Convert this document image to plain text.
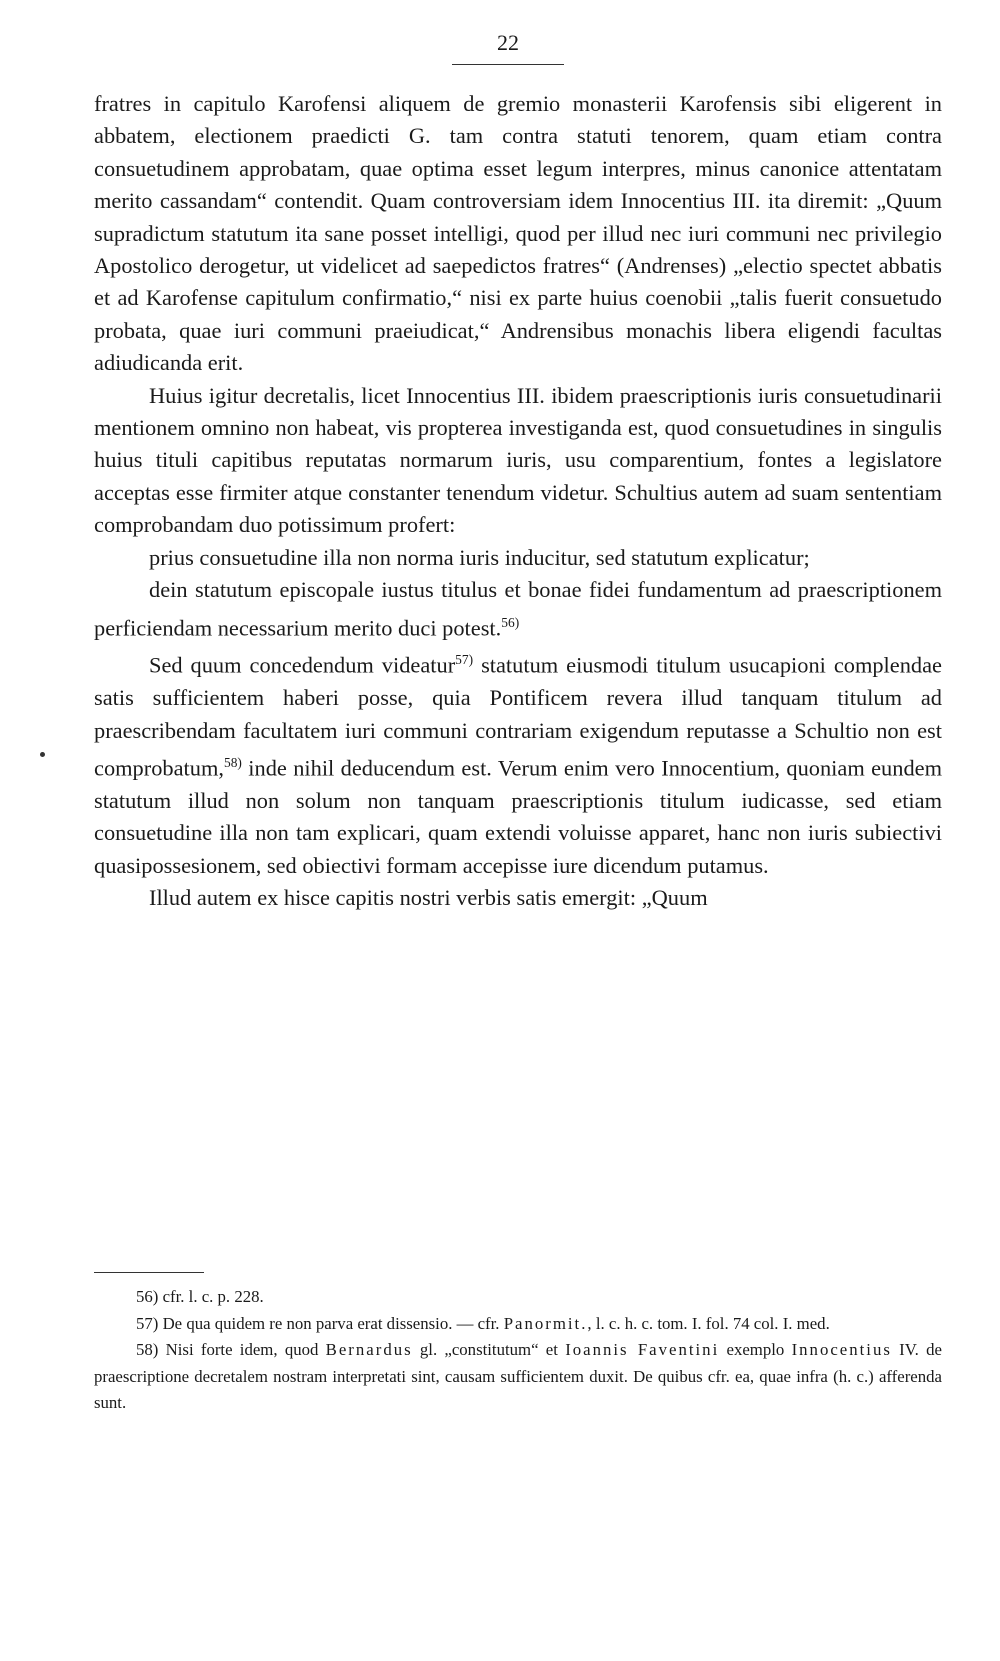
22

fratres in capitulo Karofensi aliquem de gremio monasterii Karofensis sibi eligerent in abbatem, electionem praedicti G. tam contra statuti tenorem, quam etiam contra consuetudinem approbatam, quae optima esset legum interpres, minus canonice attentatam merito cassandam“ contendit. Quam controversiam idem Innocentius III. ita diremit: „Quum supradictum statutum ita sane posset intelligi, quod per illud nec iuri communi nec privilegio Apostolico derogetur, ut videlicet ad saepedictos fratres“ (Andrenses) „electio spectet abbatis et ad Karofense capitulum confirmatio,“ nisi ex parte huius coenobii „talis fuerit consuetudo probata, quae iuri communi praeiudicat,“ Andrensibus monachis libera eligendi facultas adiudicanda erit.

Huius igitur decretalis, licet Innocentius III. ibidem praescriptionis iuris consuetudinarii mentionem omnino non habeat, vis propterea investiganda est, quod consuetudines in singulis huius tituli capitibus reputatas normarum iuris, usu comparentium, fontes a legislatore acceptas esse firmiter atque constanter tenendum videtur. Schultius autem ad suam sententiam comprobandam duo potissimum profert:

prius consuetudine illa non norma iuris inducitur, sed statutum explicatur;

dein statutum episcopale iustus titulus et bonae fidei fundamentum ad praescriptionem perficiendam necessarium merito duci potest.$^{56)}$

Sed quum concedendum videatur$^{57)}$ statutum eiusmodi titulum usucapioni complendae satis sufficientem haberi posse, quia Pontificem revera illud tanquam titulum ad praescribendam facultatem iuri communi contrariam exigendum reputasse a Schultio non est comprobatum,$^{58)}$ inde nihil deducendum est. Verum enim vero Innocentium, quoniam eundem statutum illud non solum non tanquam praescriptionis titulum iudicasse, sed etiam consuetudine illa non tam explicari, quam extendi voluisse apparet, hanc non iuris subiectivi quasipossesionem, sed obiectivi formam accepisse iure dicendum putamus.

Illud autem ex hisce capitis nostri verbis satis emergit: „Quum

56) cfr. l. c. p. 228.

57) De qua quidem re non parva erat dissensio. — cfr. Panormit., l. c. h. c. tom. I. fol. 74 col. I. med.

58) Nisi forte idem, quod Bernardus gl. „constitutum“ et Ioannis Faventini exemplo Innocentius IV. de praescriptione decretalem nostram interpretati sint, causam sufficientem duxit. De quibus cfr. ea, quae infra (h. c.) afferenda sunt.
